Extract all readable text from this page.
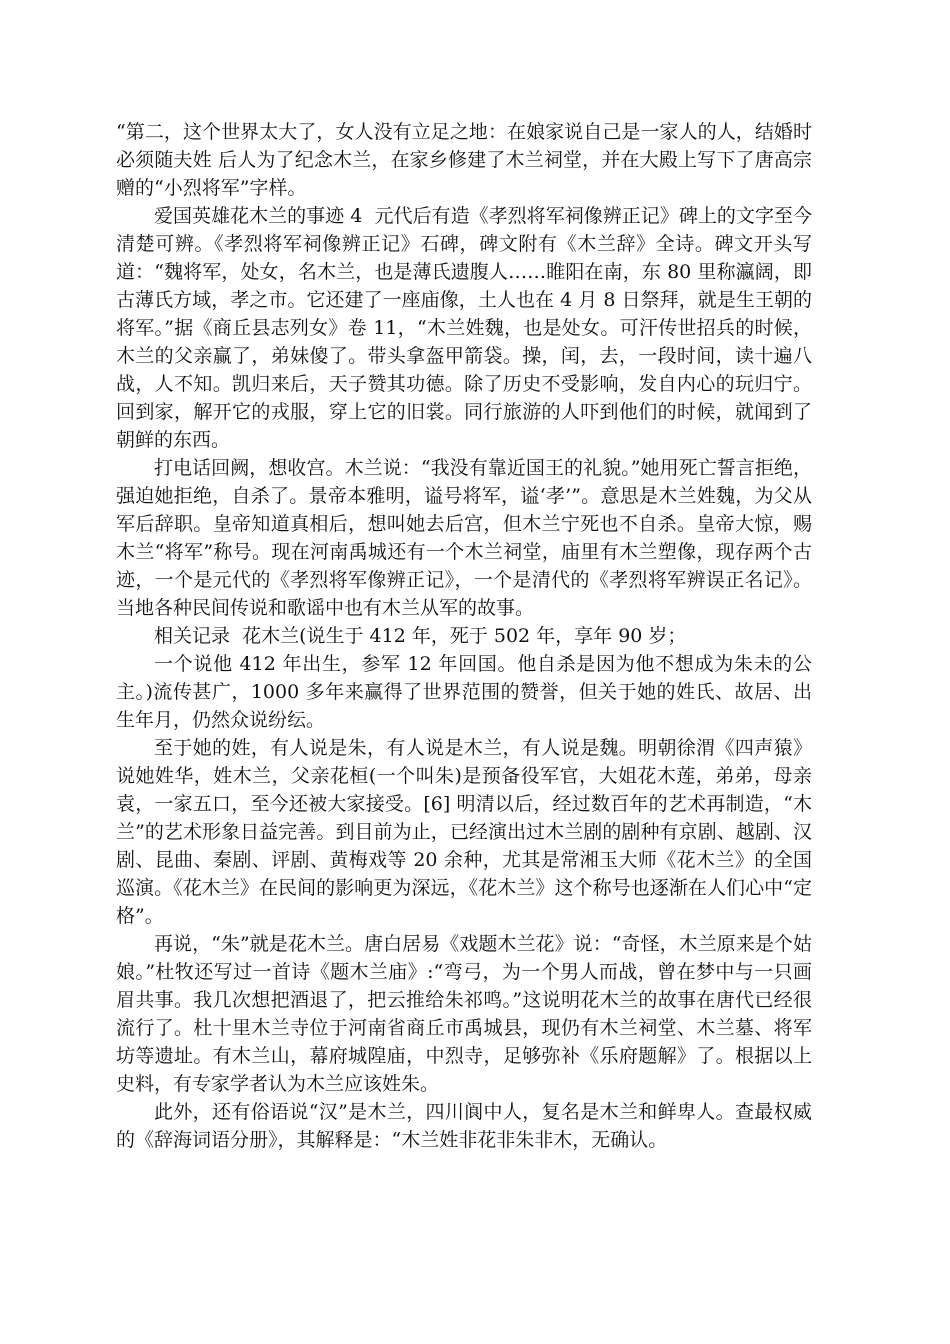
“第二，这个世界太大了，女人没有立足之地：在娘家说自己是一家人的人，结婚时必须随夫姓 后人为了纪念木兰，在家乡修建了木兰祠堂，并在大殿上写下了唐高宗赠的“小烈将军”字样。

爱国英雄花木兰的事迹 4  元代后有造《孝烈将军祠像辨正记》碑上的文字至今清楚可辨。《孝烈将军祠像辨正记》石碑，碑文附有《木兰辞》全诗。碑文开头写道：“魏将军，处女，名木兰，也是薄氏遗腹人……睢阳在南，东 80 里称瀛阔，即古薄氏方域，孝之市。它还建了一座庙像，土人也在 4 月 8 日祭拜，就是生王朝的将军。”据《商丘县志列女》卷 11，“木兰姓魏，也是处女。可汗传世招兵的时候，木兰的父亲赢了，弟妹傻了。带头拿盔甲箭袋。操，闰，去，一段时间，读十遍八战，人不知。凯归来后，天子赞其功德。除了历史不受影响，发自内心的玩归宁。回到家，解开它的戎服，穿上它的旧裳。同行旅游的人吓到他们的时候，就闻到了朝鲜的东西。

打电话回阙，想收宫。木兰说：“我没有靠近国王的礼貌。”她用死亡誓言拒绝，强迫她拒绝，自杀了。景帝本雅明，谥号将军，谥‘孝’”。意思是木兰姓魏，为父从军后辞职。皇帝知道真相后，想叫她去后宫，但木兰宁死也不自杀。皇帝大惊，赐木兰“将军”称号。现在河南禹城还有一个木兰祠堂，庙里有木兰塑像，现存两个古迹，一个是元代的《孝烈将军像辨正记》，一个是清代的《孝烈将军辨误正名记》。当地各种民间传说和歌谣中也有木兰从军的故事。

相关记录  花木兰(说生于 412 年，死于 502 年，享年 90 岁；

一个说他 412 年出生，参军 12 年回国。他自杀是因为他不想成为朱未的公主。)流传甚广，1000 多年来赢得了世界范围的赞誉，但关于她的姓氏、故居、出生年月，仍然众说纷纭。

至于她的姓，有人说是朱，有人说是木兰，有人说是魏。明朝徐渭《四声猿》说她姓华，姓木兰，父亲花桓(一个叫朱)是预备役军官，大姐花木莲，弟弟，母亲袁，一家五口，至今还被大家接受。[6] 明清以后，经过数百年的艺术再制造，“木兰”的艺术形象日益完善。到目前为止，已经演出过木兰剧的剧种有京剧、越剧、汉剧、昆曲、秦剧、评剧、黄梅戏等 20 余种，尤其是常湘玉大师《花木兰》的全国巡演。《花木兰》在民间的影响更为深远，《花木兰》这个称号也逐渐在人们心中“定格”。

再说，“朱”就是花木兰。唐白居易《戏题木兰花》说：“奇怪，木兰原来是个姑娘。”杜牧还写过一首诗《题木兰庙》:“弯弓，为一个男人而战，曾在梦中与一只画眉共事。我几次想把酒退了，把云推给朱祁鸣。”这说明花木兰的故事在唐代已经很流行了。杜十里木兰寺位于河南省商丘市禹城县，现仍有木兰祠堂、木兰墓、将军坊等遗址。有木兰山，幕府城隍庙，中烈寺，足够弥补《乐府题解》了。根据以上史料，有专家学者认为木兰应该姓朱。

此外，还有俗语说“汉”是木兰，四川阆中人，复名是木兰和鲜卑人。查最权威的《辞海词语分册》，其解释是：“木兰姓非花非朱非木，无确认。
